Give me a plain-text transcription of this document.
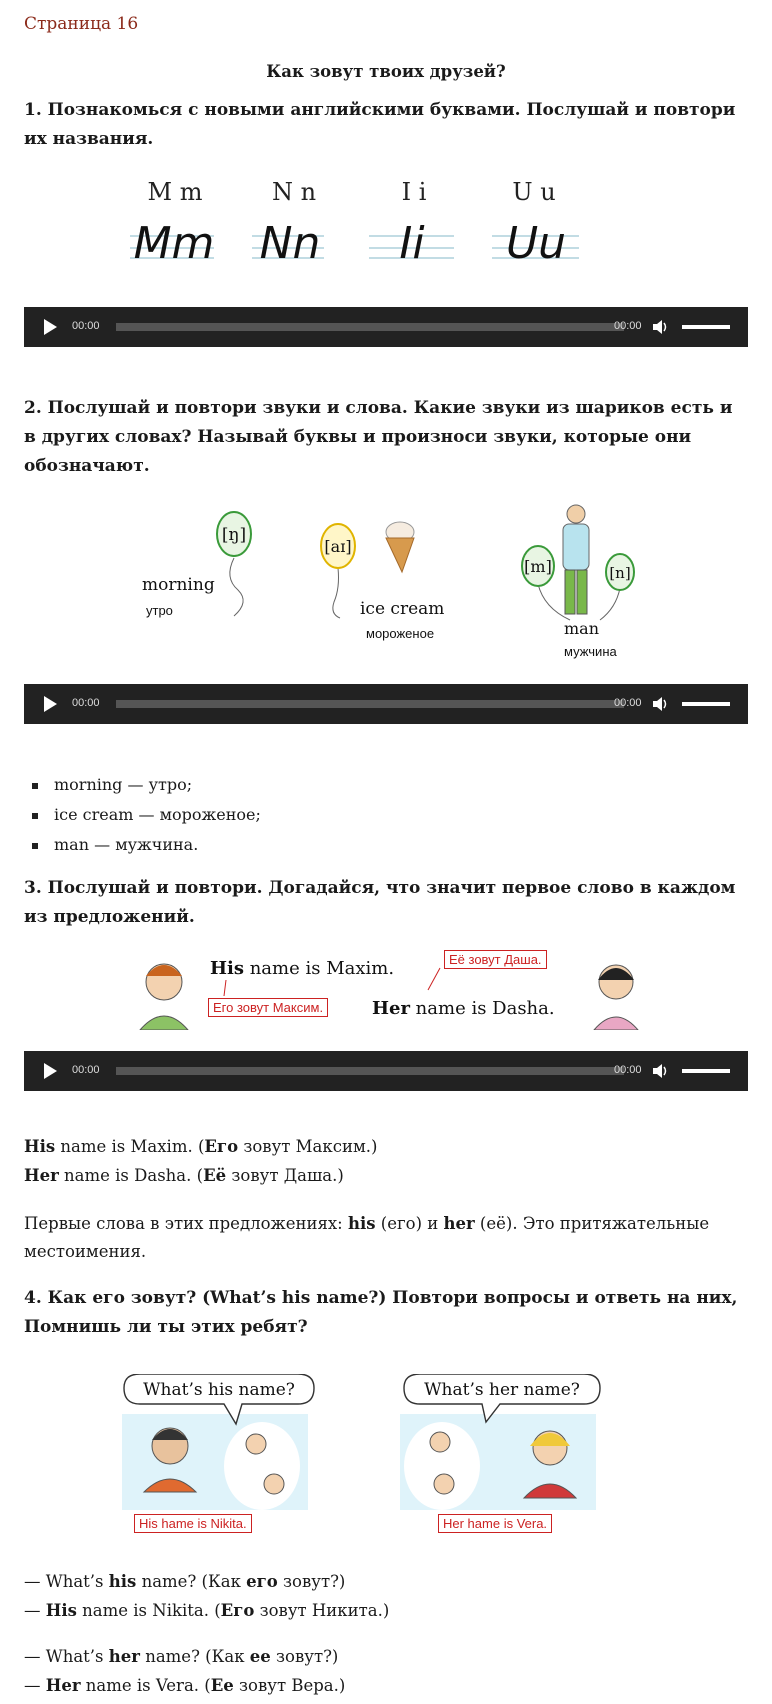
Страница 16
Как зовут твоих друзей?
1. Познакомься с новыми английскими буквами. Послушай и повтори их названия.
M m	N n	I i	U u
Mm Nn Ii Uu
00:00	00:00
2. Послушай и повтори звуки и слова. Какие звуки из шариков есть и в других словах? Называй буквы и произноси звуки, которые они обозначают.
[ŋ]
morning
утро
[aɪ]
ice cream
мороженое
[m]	[n]
man
мужчина
00:00	00:00
morning — утро;
ice cream — мороженое;
man — мужчина.
3. Послушай и повтори. Догадайся, что значит первое слово в каждом из предложений.
His name is Maxim.
Her name is Dasha.
Его зовут Максим.
Её зовут Даша.
00:00	00:00
His name is Maxim. (Его зовут Максим.)
Her name is Dasha. (Её зовут Даша.)
Первые слова в этих предложениях: his (его) и her (её). Это притяжательные местоимения.
4. Как его зовут? (What’s his name?) Повтори вопросы и ответь на них, Помнишь ли ты этих ребят?
What’s his name?	What’s her name?
His hame is Nikita.	Her hame is Vera.
— What’s his name? (Как его зовут?)
— His name is Nikita. (Его зовут Никита.)
— What’s her name? (Как ее зовут?)
— Her name is Vera. (Ее зовут Вера.)
